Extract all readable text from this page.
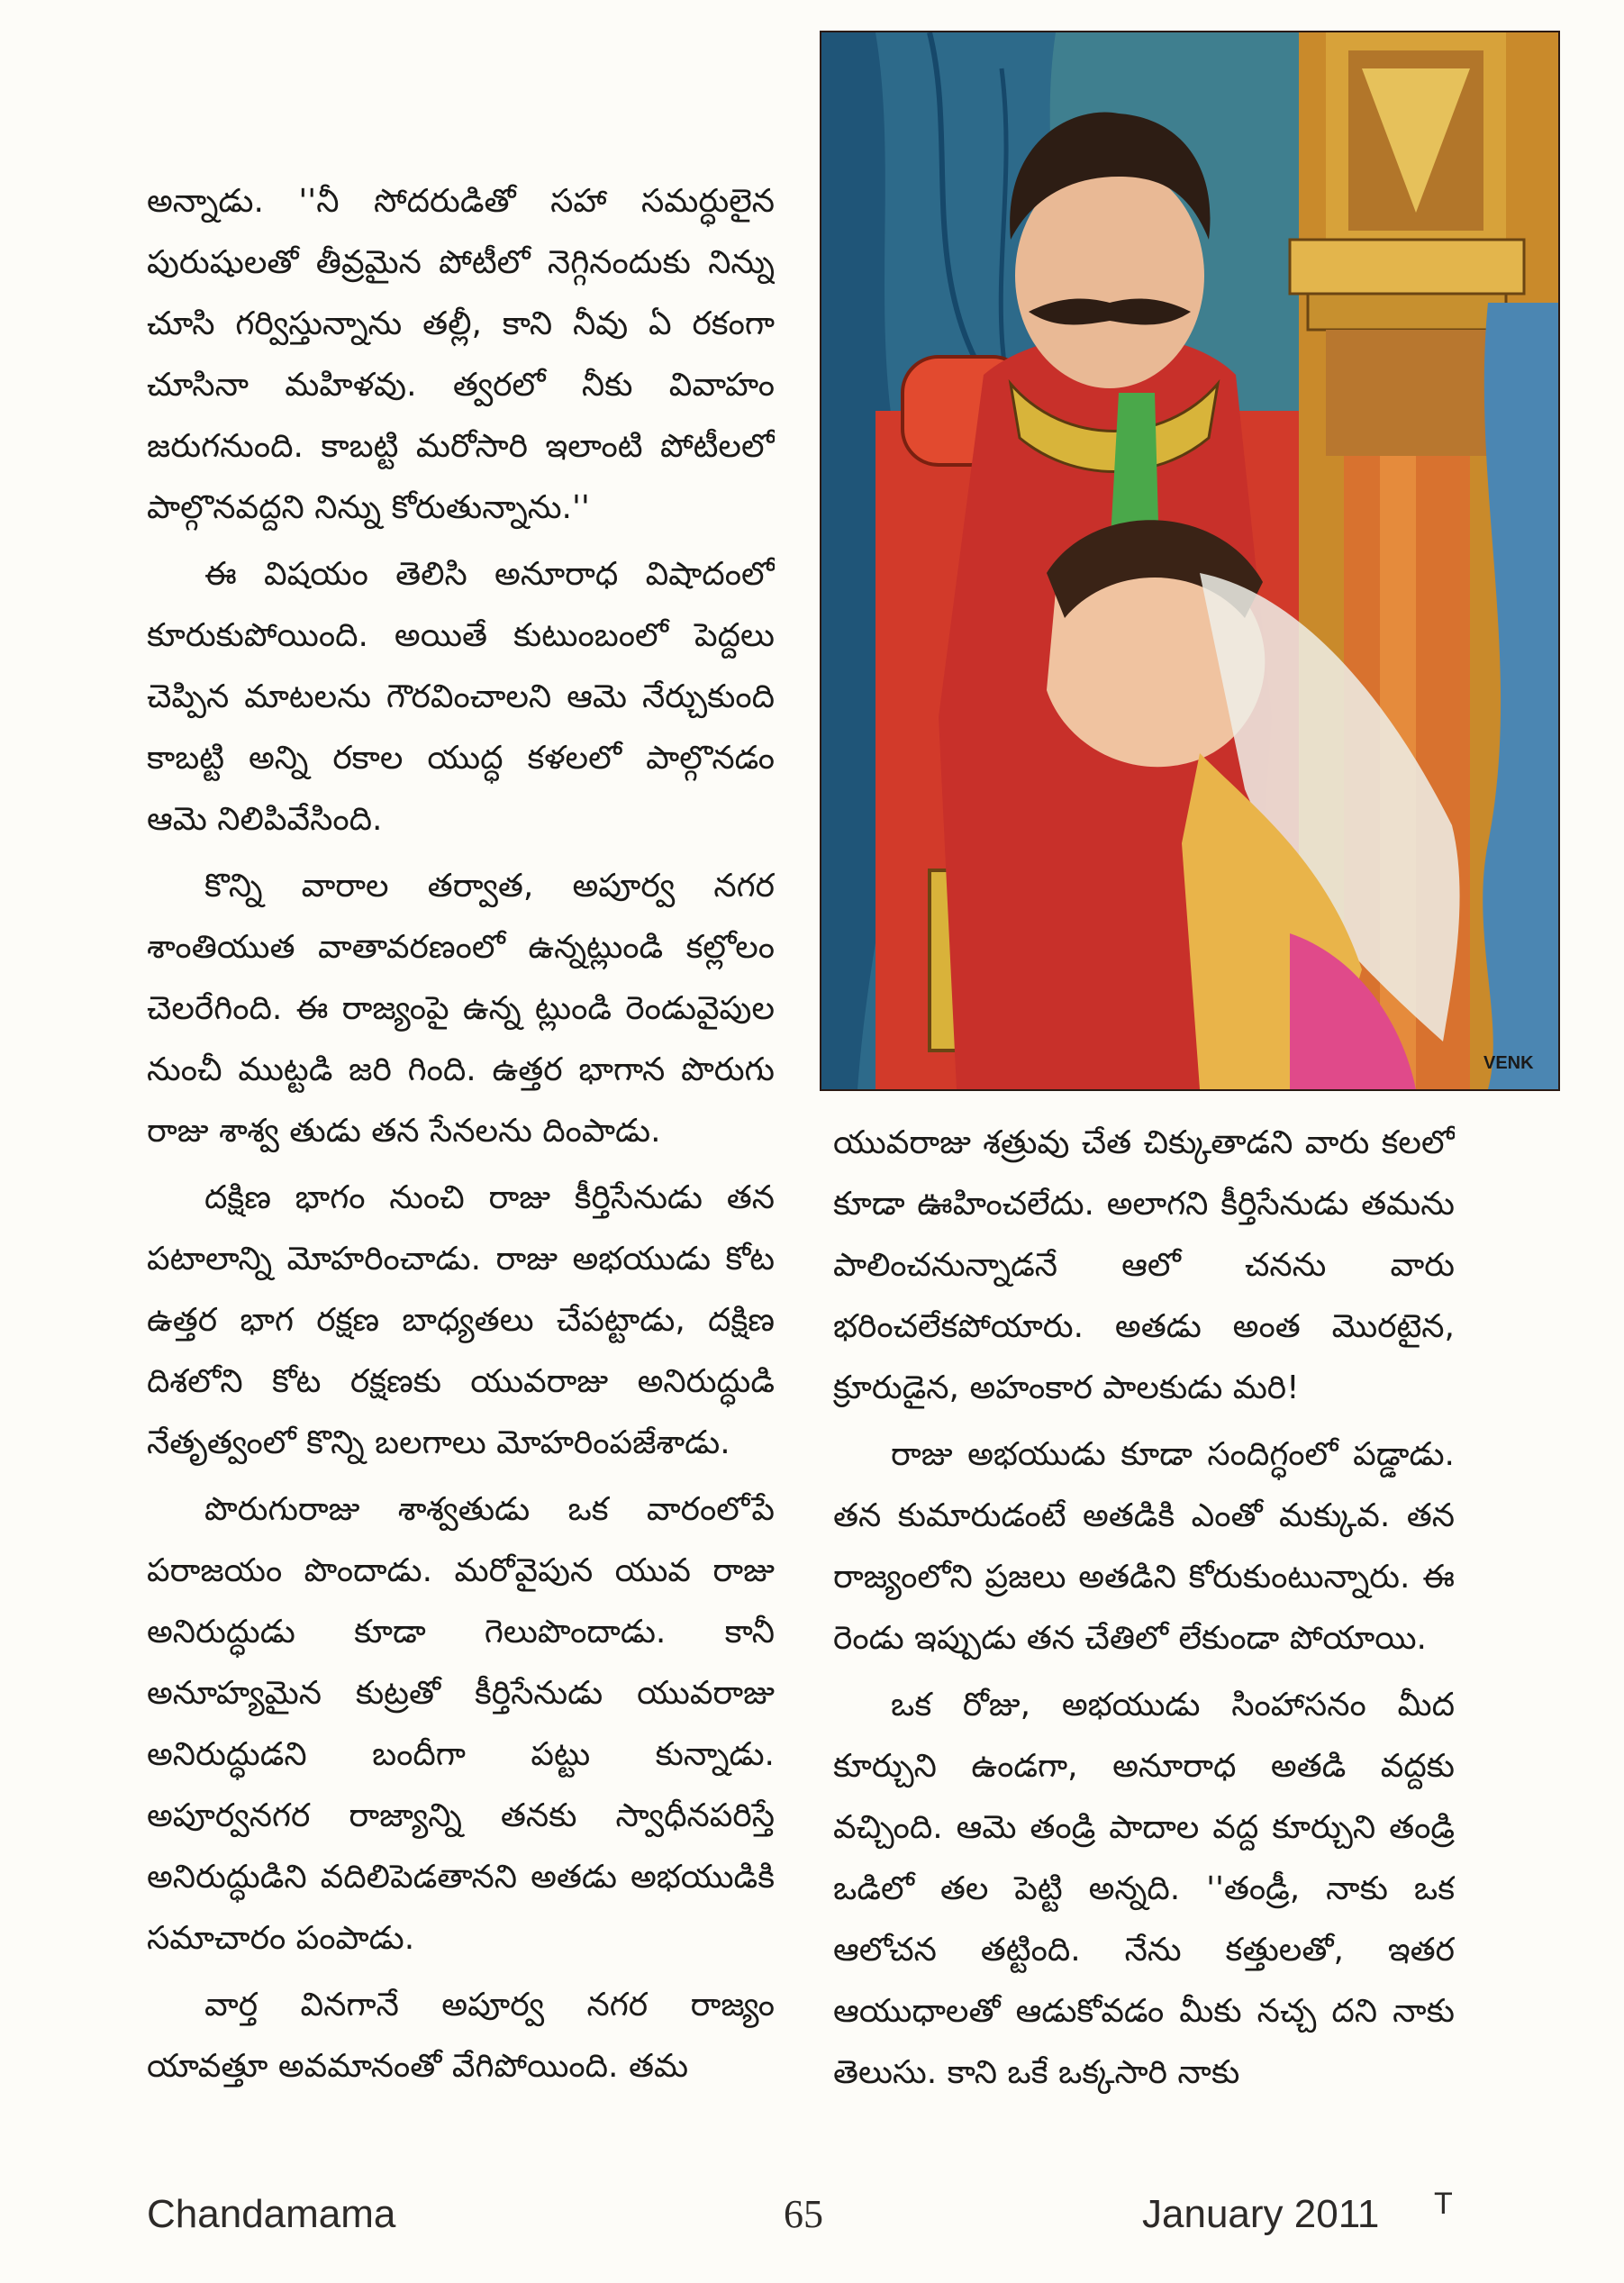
అన్నాడు. ''నీ సోదరుడితో సహా సమర్ధులైన పురుషులతో తీవ్రమైన పోటీలో నెగ్గినందుకు నిన్ను చూసి గర్విస్తున్నాను తల్లీ, కాని నీవు ఏ రకంగా చూసినా మహిళవు. త్వరలో నీకు వివాహం జరుగనుంది. కాబట్టి మరోసారి ఇలాంటి పోటీలలో పాల్గొనవద్దని నిన్ను కోరుతున్నాను.''

ఈ విషయం తెలిసి అనూరాధ విషాదంలో కూరుకుపోయింది. అయితే కుటుంబంలో పెద్దలు చెప్పిన మాటలను గౌరవించాలని ఆమె నేర్చుకుంది కాబట్టి అన్ని రకాల యుద్ధ కళలలో పాల్గొనడం ఆమె నిలిపివేసింది.

కొన్ని వారాల తర్వాత, అపూర్వ నగర శాంతియుత వాతావరణంలో ఉన్నట్లుండి కల్లోలం చెలరేగింది. ఈ రాజ్యంపై ఉన్న ట్లుండి రెండువైపుల నుంచీ ముట్టడి జరి గింది. ఉత్తర భాగాన పొరుగు రాజు శాశ్వ తుడు తన సేనలను దింపాడు.

దక్షిణ భాగం నుంచి రాజు కీర్తిసేనుడు తన పటాలాన్ని మోహరించాడు. రాజు అభయుడు కోట ఉత్తర భాగ రక్షణ బాధ్యతలు చేపట్టాడు, దక్షిణ దిశలోని కోట రక్షణకు యువరాజు అనిరుద్ధుడి నేతృత్వంలో కొన్ని బలగాలు మోహరింపజేశాడు.

పొరుగురాజు శాశ్వతుడు ఒక వారంలోపే పరాజయం పొందాడు. మరోవైపున యువ రాజు అనిరుద్ధుడు కూడా గెలుపొందాడు. కానీ అనూహ్యమైన కుట్రతో కీర్తిసేనుడు యువరాజు అనిరుద్ధుడని బందీగా పట్టు కున్నాడు. అపూర్వనగర రాజ్యాన్ని తనకు స్వాధీనపరిస్తే అనిరుద్ధుడిని వదిలిపెడతానని అతడు అభయుడికి సమాచారం పంపాడు.

వార్త వినగానే అపూర్వ నగర రాజ్యం యావత్తూ అవమానంతో వేగిపోయింది. తమ

VENK

యువరాజు శత్రువు చేత చిక్కుతాడని వారు కలలో కూడా ఊహించలేదు. అలాగని కీర్తిసేనుడు తమను పాలించనున్నాడనే ఆలో చనను వారు భరించలేకపోయారు. అతడు అంత మొరటైన, క్రూరుడైన, అహంకార పాలకుడు మరి!

రాజు అభయుడు కూడా సందిగ్ధంలో పడ్డాడు. తన కుమారుడంటే అతడికి ఎంతో మక్కువ. తన రాజ్యంలోని ప్రజలు అతడిని కోరుకుంటున్నారు. ఈ రెండు ఇప్పుడు తన చేతిలో లేకుండా పోయాయి.

ఒక రోజు, అభయుడు సింహాసనం మీద కూర్చుని ఉండగా, అనూరాధ అతడి వద్దకు వచ్చింది. ఆమె తండ్రి పాదాల వద్ద కూర్చుని తండ్రి ఒడిలో తల పెట్టి అన్నది. ''తండ్రీ, నాకు ఒక ఆలోచన తట్టింది. నేను కత్తులతో, ఇతర ఆయుధాలతో ఆడుకోవడం మీకు నచ్చ దని నాకు తెలుసు. కాని ఒకే ఒక్కసారి నాకు

Chandamama	65	January 2011 T
